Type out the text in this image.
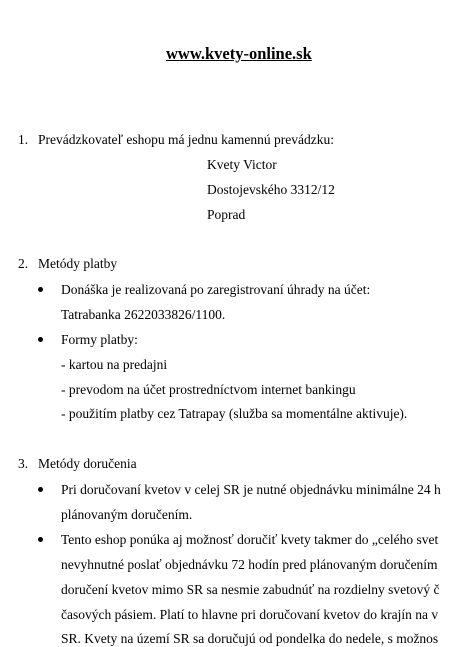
www.kvety-online.sk
1. Prevádzkovateľ eshopu má jednu kamennú prevádzku:
Kvety Victor
Dostojevského 3312/12
Poprad
2. Metódy platby
Donáška je realizovaná po zaregistrovaní úhrady na účet:
Tatrabanka 2622033826/1100.
Formy platby:
- kartou na predajni
- prevodom na účet prostredníctvom internet bankingu
- použitím platby cez Tatrapay (služba sa momentálne aktivuje).
3. Metódy doručenia
Pri doručovaní kvetov v celej SR je nutné objednávku minimálne 24 h
plánovaným doručením.
Tento eshop ponúka aj možnosť doručiť kvety takmer do „celého svet
nevyhnutné poslať objednávku 72 hodín pred plánovaným doručením
doručení kvetov mimo SR sa nesmie zabudnúť na rozdielny svetový č
časových pásiem. Platí to hlavne pri doručovaní kvetov do krajín na v
SR. Kvety na území SR sa doručujú od pondelka do nedele, s možnos
